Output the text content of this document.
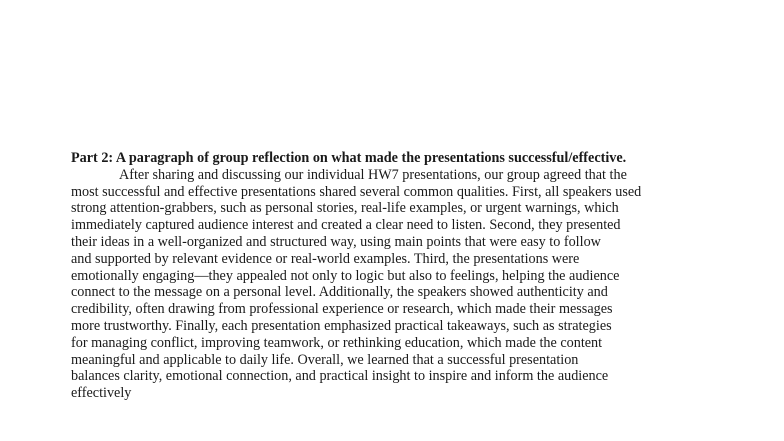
Part 2: A paragraph of group reflection on what made the presentations successful/effective.

After sharing and discussing our individual HW7 presentations, our group agreed that the

most successful and effective presentations shared several common qualities. First, all speakers used

strong attention-grabbers, such as personal stories, real-life examples, or urgent warnings, which

immediately captured audience interest and created a clear need to listen. Second, they presented

their ideas in a well-organized and structured way, using main points that were easy to follow

and supported by relevant evidence or real-world examples. Third, the presentations were

emotionally engaging—they appealed not only to logic but also to feelings, helping the audience

connect to the message on a personal level. Additionally, the speakers showed authenticity and

credibility, often drawing from professional experience or research, which made their messages

more trustworthy. Finally, each presentation emphasized practical takeaways, such as strategies

for managing conflict, improving teamwork, or rethinking education, which made the content

meaningful and applicable to daily life. Overall, we learned that a successful presentation

balances clarity, emotional connection, and practical insight to inspire and inform the audience

effectively
